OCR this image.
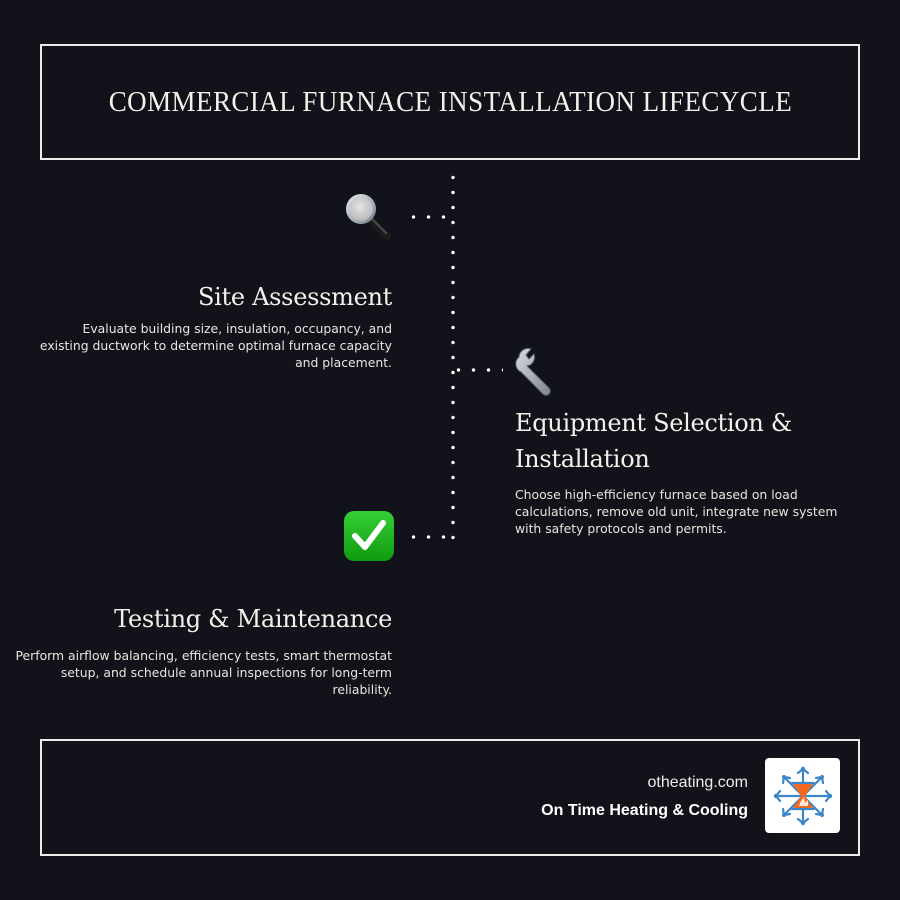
COMMERCIAL FURNACE INSTALLATION LIFECYCLE
Site Assessment

Evaluate building size, insulation, occupancy, and existing ductwork to determine optimal furnace capacity and placement.

Equipment Selection & Installation

Choose high-efficiency furnace based on load calculations, remove old unit, integrate new system with safety protocols and permits.

Testing & Maintenance

Perform airflow balancing, efficiency tests, smart thermostat setup, and schedule annual inspections for long-term reliability.

otheating.com
On Time Heating & Cooling
